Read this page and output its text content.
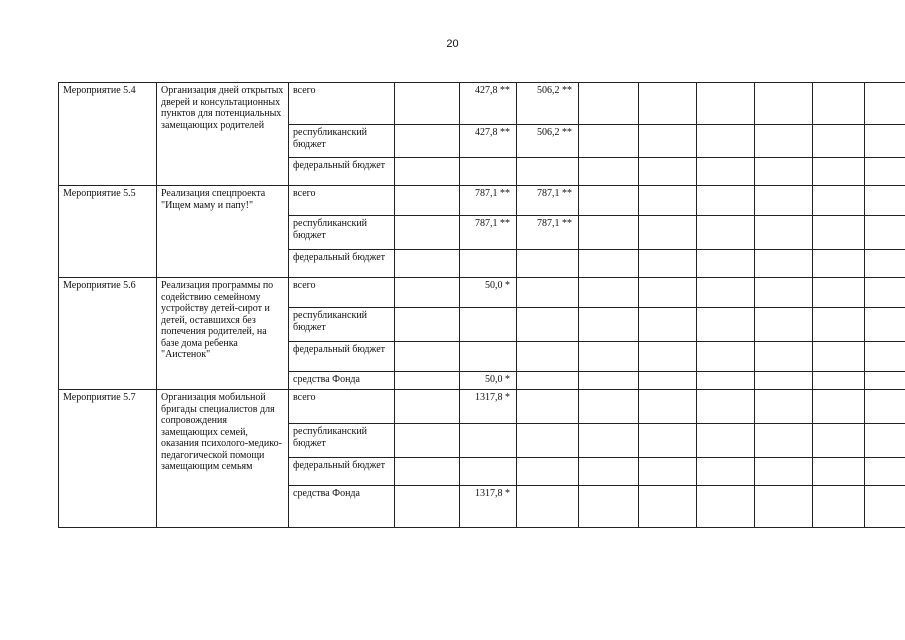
20
Мероприятие 5.4	Организация дней открытых дверей и консультационных пунктов для потенциальных замещающих родителей	всего		427,8 **	506,2 **						
		республиканский бюджет		427,8 **	506,2 **						
		федеральный бюджет									
Мероприятие 5.5	Реализация спецпроекта "Ищем маму и папу!"	всего		787,1 **	787,1 **						
		республиканский бюджет		787,1 **	787,1 **						
		федеральный бюджет									
Мероприятие 5.6	Реализация программы по содействию семейному устройству детей-сирот и детей, оставшихся без попечения родителей, на базе дома ребенка "Аистенок"	всего		50,0 *							
		республиканский бюджет									
		федеральный бюджет									
		средства Фонда		50,0 *							
Мероприятие 5.7	Организация мобильной бригады специалистов для сопровождения замещающих семей, оказания психолого-медико-педагогической помощи замещающим семьям	всего		1317,8 *							
		республиканский бюджет									
		федеральный бюджет									
		средства Фонда		1317,8 *							
